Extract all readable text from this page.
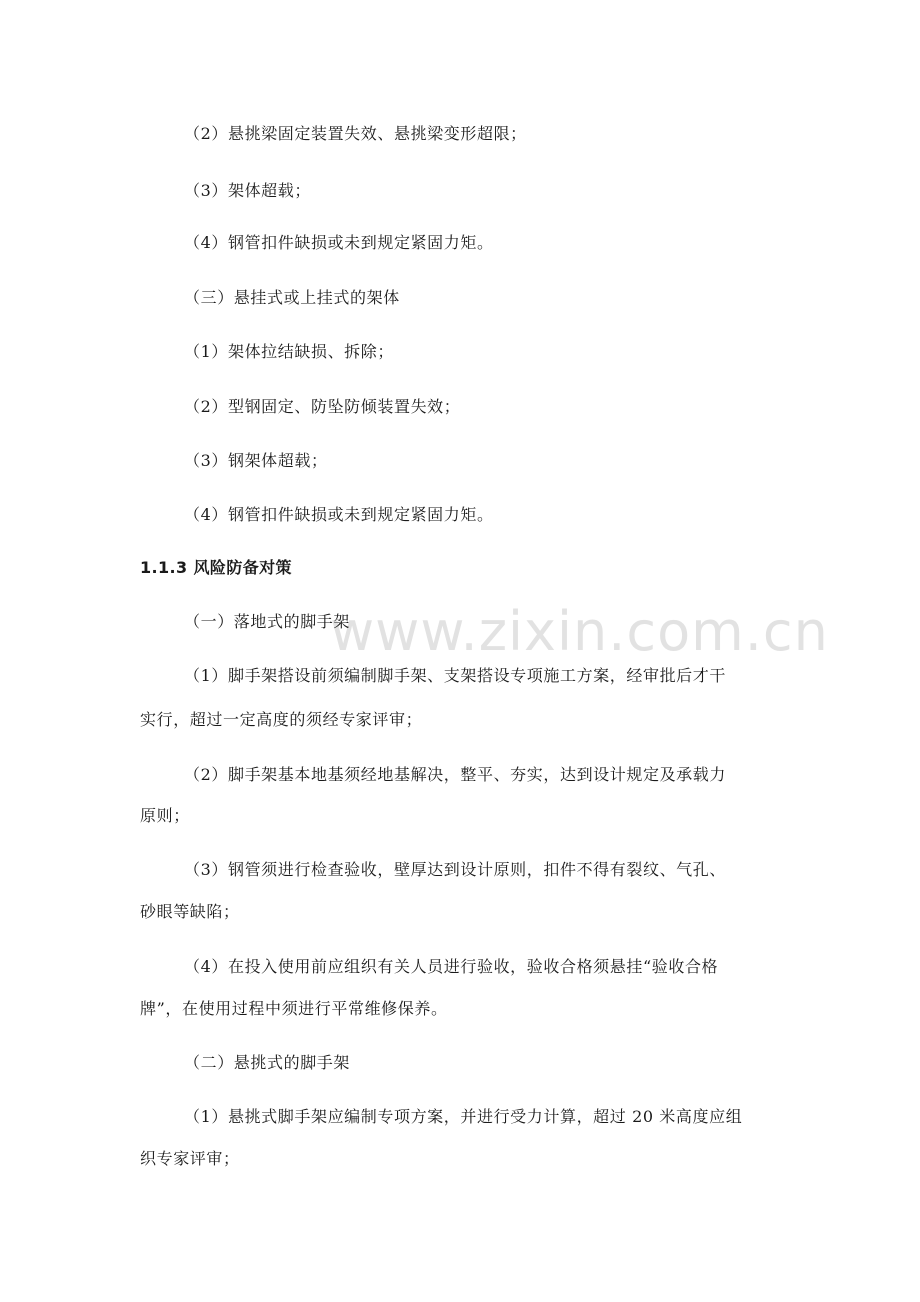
www.zixin.com.cn
（2）悬挑梁固定装置失效、悬挑梁变形超限；
（3）架体超载；
（4）钢管扣件缺损或未到规定紧固力矩。
（三）悬挂式或上挂式的架体
（1）架体拉结缺损、拆除；
（2）型钢固定、防坠防倾装置失效；
（3）钢架体超载；
（4）钢管扣件缺损或未到规定紧固力矩。
1.1.3 风险防备对策
（一）落地式的脚手架
（1）脚手架搭设前须编制脚手架、支架搭设专项施工方案，经审批后才干
实行，超过一定高度的须经专家评审；
（2）脚手架基本地基须经地基解决，整平、夯实，达到设计规定及承载力
原则；
（3）钢管须进行检查验收，壁厚达到设计原则，扣件不得有裂纹、气孔、
砂眼等缺陷；
（4）在投入使用前应组织有关人员进行验收，验收合格须悬挂“验收合格
牌”，在使用过程中须进行平常维修保养。
（二）悬挑式的脚手架
（1）悬挑式脚手架应编制专项方案，并进行受力计算，超过 20 米高度应组
织专家评审；
